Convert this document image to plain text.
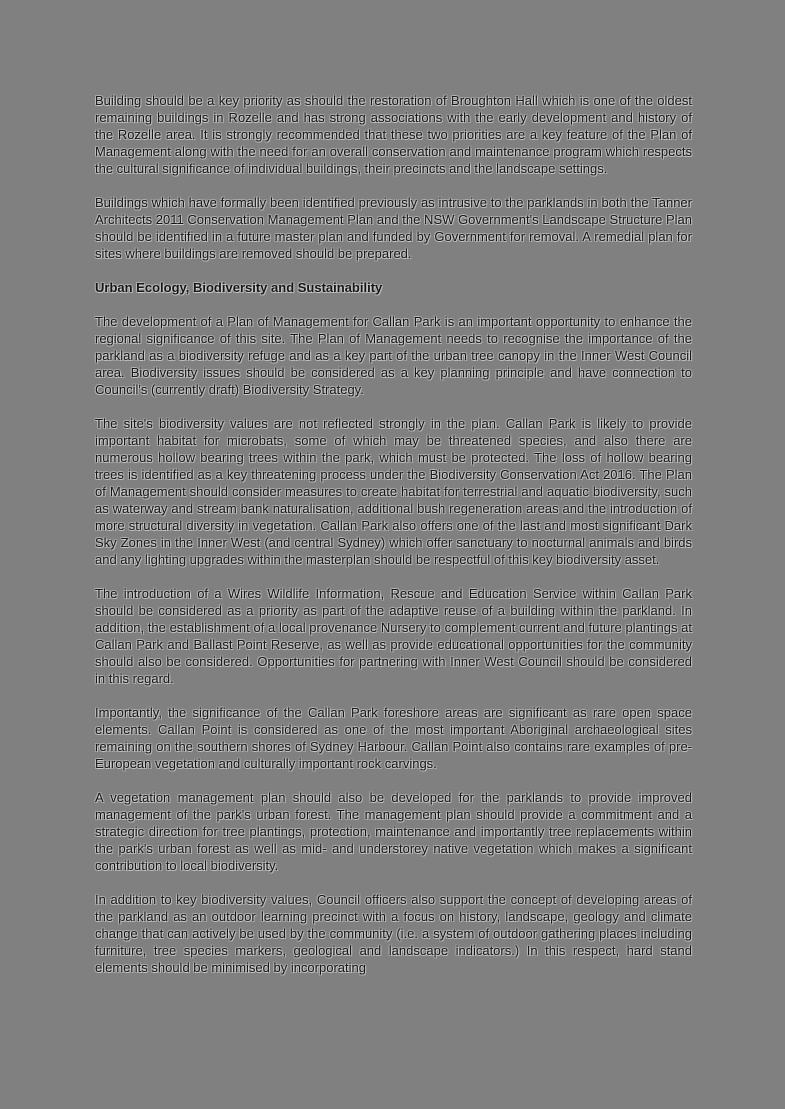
Building should be a key priority as should the restoration of Broughton Hall which is one of the oldest remaining buildings in Rozelle and has strong associations with the early development and history of the Rozelle area. It is strongly recommended that these two priorities are a key feature of the Plan of Management along with the need for an overall conservation and maintenance program which respects the cultural significance of individual buildings, their precincts and the landscape settings.

Buildings which have formally been identified previously as intrusive to the parklands in both the Tanner Architects 2011 Conservation Management Plan and the NSW Government's Landscape Structure Plan should be identified in a future master plan and funded by Government for removal. A remedial plan for sites where buildings are removed should be prepared.

Urban Ecology, Biodiversity and Sustainability

The development of a Plan of Management for Callan Park is an important opportunity to enhance the regional significance of this site. The Plan of Management needs to recognise the importance of the parkland as a biodiversity refuge and as a key part of the urban tree canopy in the Inner West Council area. Biodiversity issues should be considered as a key planning principle and have connection to Council's (currently draft) Biodiversity Strategy.

The site's biodiversity values are not reflected strongly in the plan. Callan Park is likely to provide important habitat for microbats, some of which may be threatened species, and also there are numerous hollow bearing trees within the park, which must be protected. The loss of hollow bearing trees is identified as a key threatening process under the Biodiversity Conservation Act 2016. The Plan of Management should consider measures to create habitat for terrestrial and aquatic biodiversity, such as waterway and stream bank naturalisation, additional bush regeneration areas and the introduction of more structural diversity in vegetation. Callan Park also offers one of the last and most significant Dark Sky Zones in the Inner West (and central Sydney) which offer sanctuary to nocturnal animals and birds and any lighting upgrades within the masterplan should be respectful of this key biodiversity asset.

The introduction of a Wires Wildlife Information, Rescue and Education Service within Callan Park should be considered as a priority as part of the adaptive reuse of a building within the parkland. In addition, the establishment of a local provenance Nursery to complement current and future plantings at Callan Park and Ballast Point Reserve, as well as provide educational opportunities for the community should also be considered. Opportunities for partnering with Inner West Council should be considered in this regard.

Importantly, the significance of the Callan Park foreshore areas are significant as rare open space elements. Callan Point is considered as one of the most important Aboriginal archaeological sites remaining on the southern shores of Sydney Harbour. Callan Point also contains rare examples of pre-European vegetation and culturally important rock carvings.

A vegetation management plan should also be developed for the parklands to provide improved management of the park's urban forest. The management plan should provide a commitment and a strategic direction for tree plantings, protection, maintenance and importantly tree replacements within the park's urban forest as well as mid- and understorey native vegetation which makes a significant contribution to local biodiversity.

In addition to key biodiversity values, Council officers also support the concept of developing areas of the parkland as an outdoor learning precinct with a focus on history, landscape, geology and climate change that can actively be used by the community (i.e. a system of outdoor gathering places including furniture, tree species markers, geological and landscape indicators.) In this respect, hard stand elements should be minimised by incorporating
